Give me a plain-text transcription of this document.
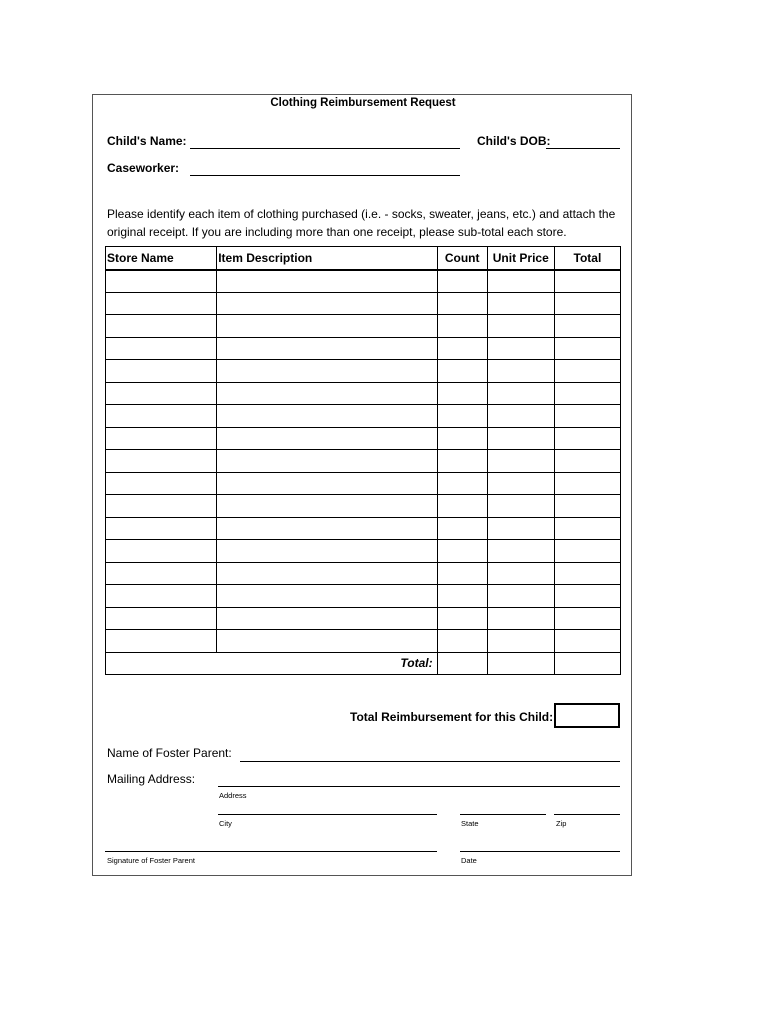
Clothing Reimbursement Request
Child's Name:	Child's DOB:
Caseworker:
Please identify each item of clothing purchased (i.e. - socks, sweater, jeans, etc.) and attach the
original receipt. If you are including more than one receipt, please sub-total each store.
Store Name	Item Description	Count	Unit Price	Total

Total:				
Total Reimbursement for this Child:
Name of Foster Parent:
Mailing Address:
Address
City	State	Zip
Signature of Foster Parent	Date
